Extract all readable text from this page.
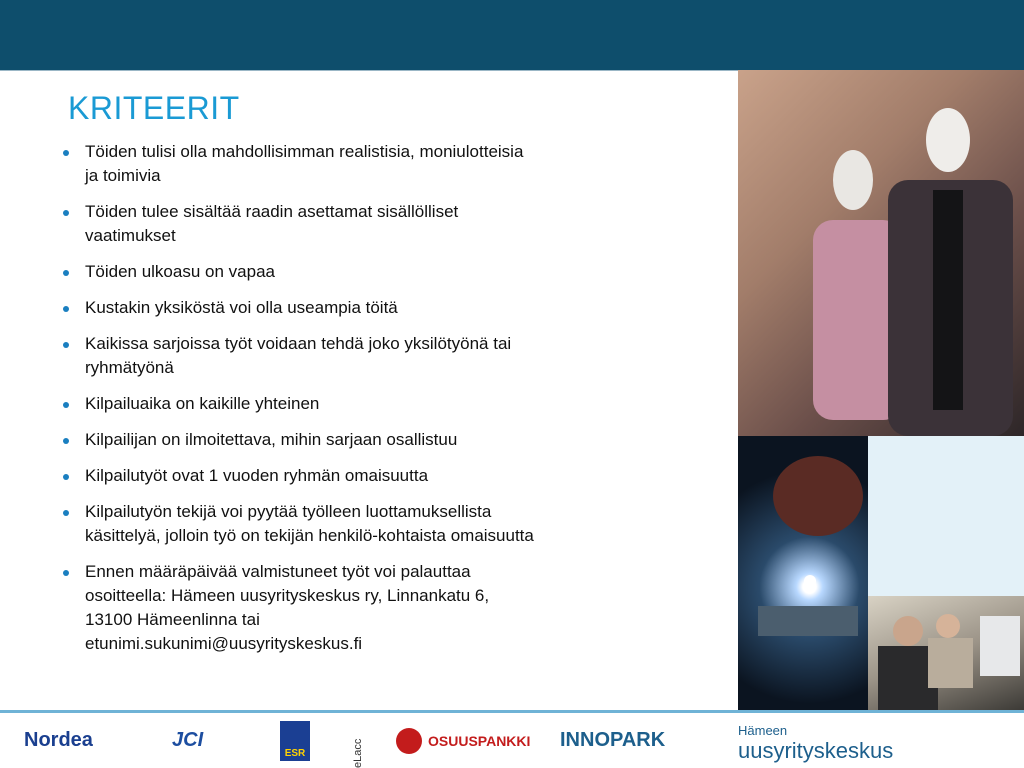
KRITEERIT
Töiden tulisi olla mahdollisimman realistisia, moniulotteisia ja toimivia
Töiden tulee sisältää raadin asettamat sisällölliset vaatimukset
Töiden ulkoasu on vapaa
Kustakin yksiköstä voi olla useampia töitä
Kaikissa sarjoissa työt voidaan tehdä joko yksilötyönä tai ryhmätyönä
Kilpailuaika on kaikille yhteinen
Kilpailijan on ilmoitettava, mihin sarjaan osallistuu
Kilpailutyöt ovat 1 vuoden ryhmän omaisuutta
Kilpailutyön tekijä voi pyytää työlleen luottamuksellista käsittelyä, jolloin työ on tekijän henkilö-kohtaista omaisuutta
Ennen määräpäivää valmistuneet työt voi palauttaa osoitteella: Hämeen uusyrityskeskus ry, Linnankatu 6, 13100 Hämeenlinna tai etunimi.sukunimi@uusyrityskeskus.fi
Nordea	JCI
ESR	eLacc	OSUUSPANKKI INNOPARK	Hämeen
uusyrityskeskus
